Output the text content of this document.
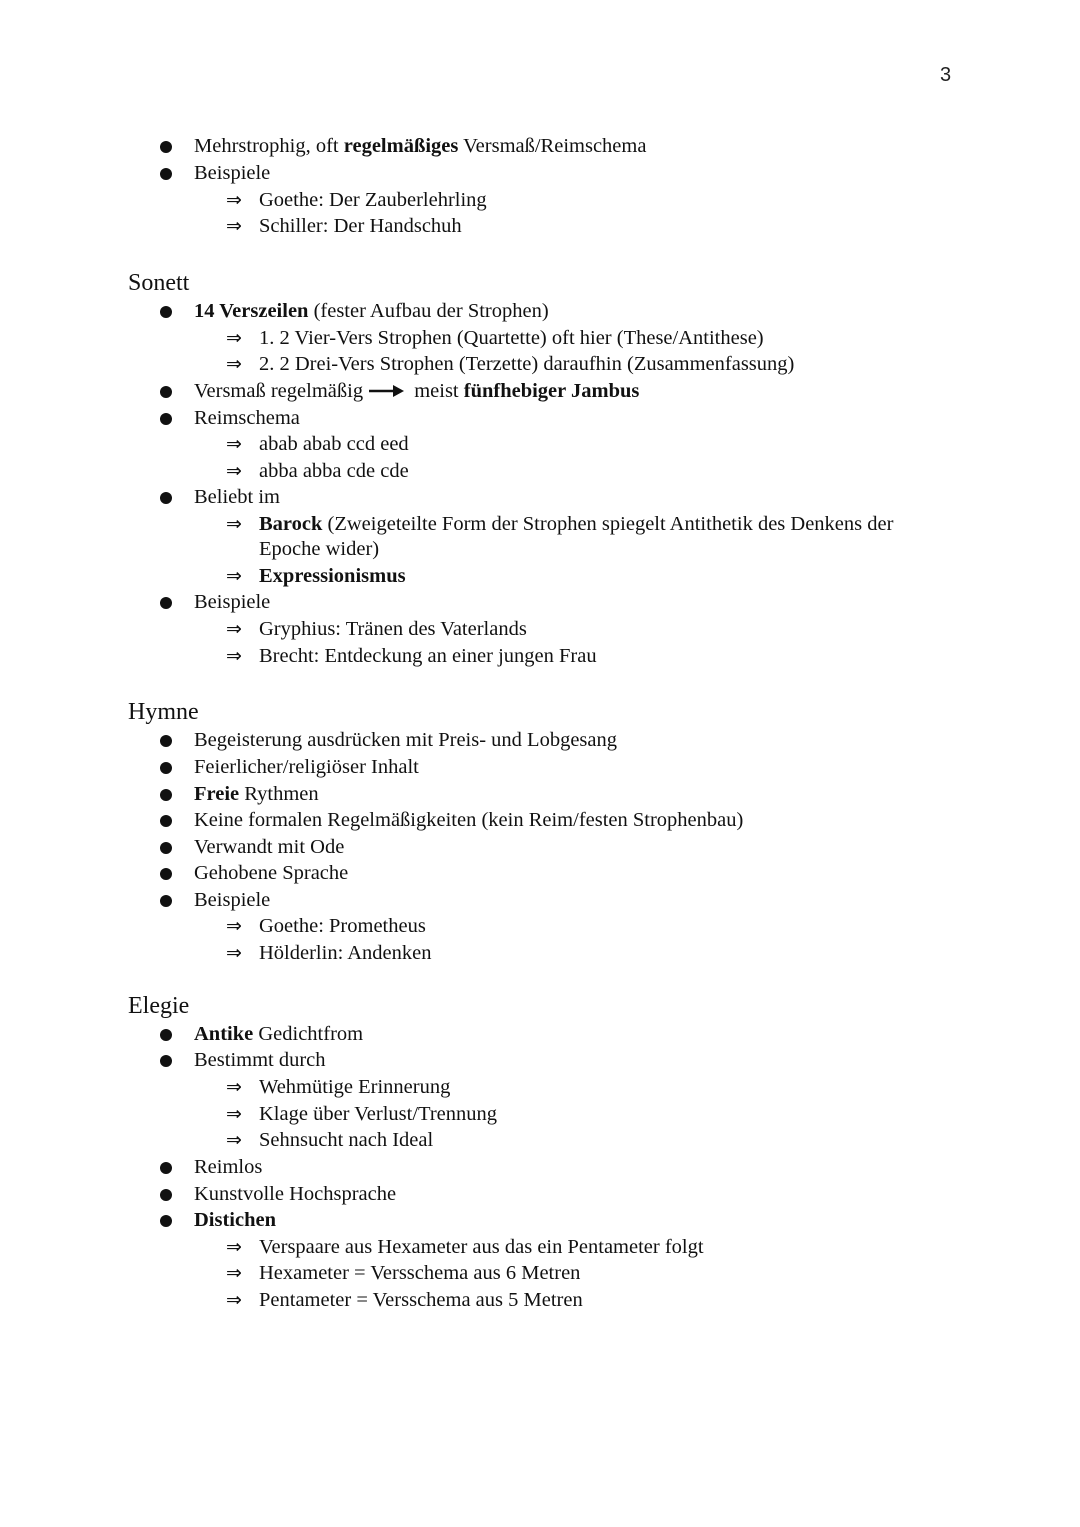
3
Mehrstrophig, oft regelmäßiges Versmaß/Reimschema
Beispiele
⇒ Goethe: Der Zauberlehrling
⇒ Schiller: Der Handschuh
Sonett
14 Verszeilen (fester Aufbau der Strophen)
⇒ 1. 2 Vier-Vers Strophen (Quartette) oft hier (These/Antithese)
⇒ 2. 2 Drei-Vers Strophen (Terzette) daraufhin (Zusammenfassung)
Versmaß regelmäßig meist fünfhebiger Jambus
Reimschema
⇒ abab abab ccd eed
⇒ abba abba cde cde
Beliebt im
⇒ Barock (Zweigeteilte Form der Strophen spiegelt Antithetik des Denkens der
Epoche wider)
⇒ Expressionismus
Beispiele
⇒ Gryphius: Tränen des Vaterlands
⇒ Brecht: Entdeckung an einer jungen Frau
Hymne
Begeisterung ausdrücken mit Preis- und Lobgesang
Feierlicher/religiöser Inhalt
Freie Rythmen
Keine formalen Regelmäßigkeiten (kein Reim/festen Strophenbau)
Verwandt mit Ode
Gehobene Sprache
Beispiele
⇒ Goethe: Prometheus
⇒ Hölderlin: Andenken
Elegie
Antike Gedichtfrom
Bestimmt durch
⇒ Wehmütige Erinnerung
⇒ Klage über Verlust/Trennung
⇒ Sehnsucht nach Ideal
Reimlos
Kunstvolle Hochsprache
Distichen
⇒ Verspaare aus Hexameter aus das ein Pentameter folgt
⇒ Hexameter = Versschema aus 6 Metren
⇒ Pentameter = Versschema aus 5 Metren
